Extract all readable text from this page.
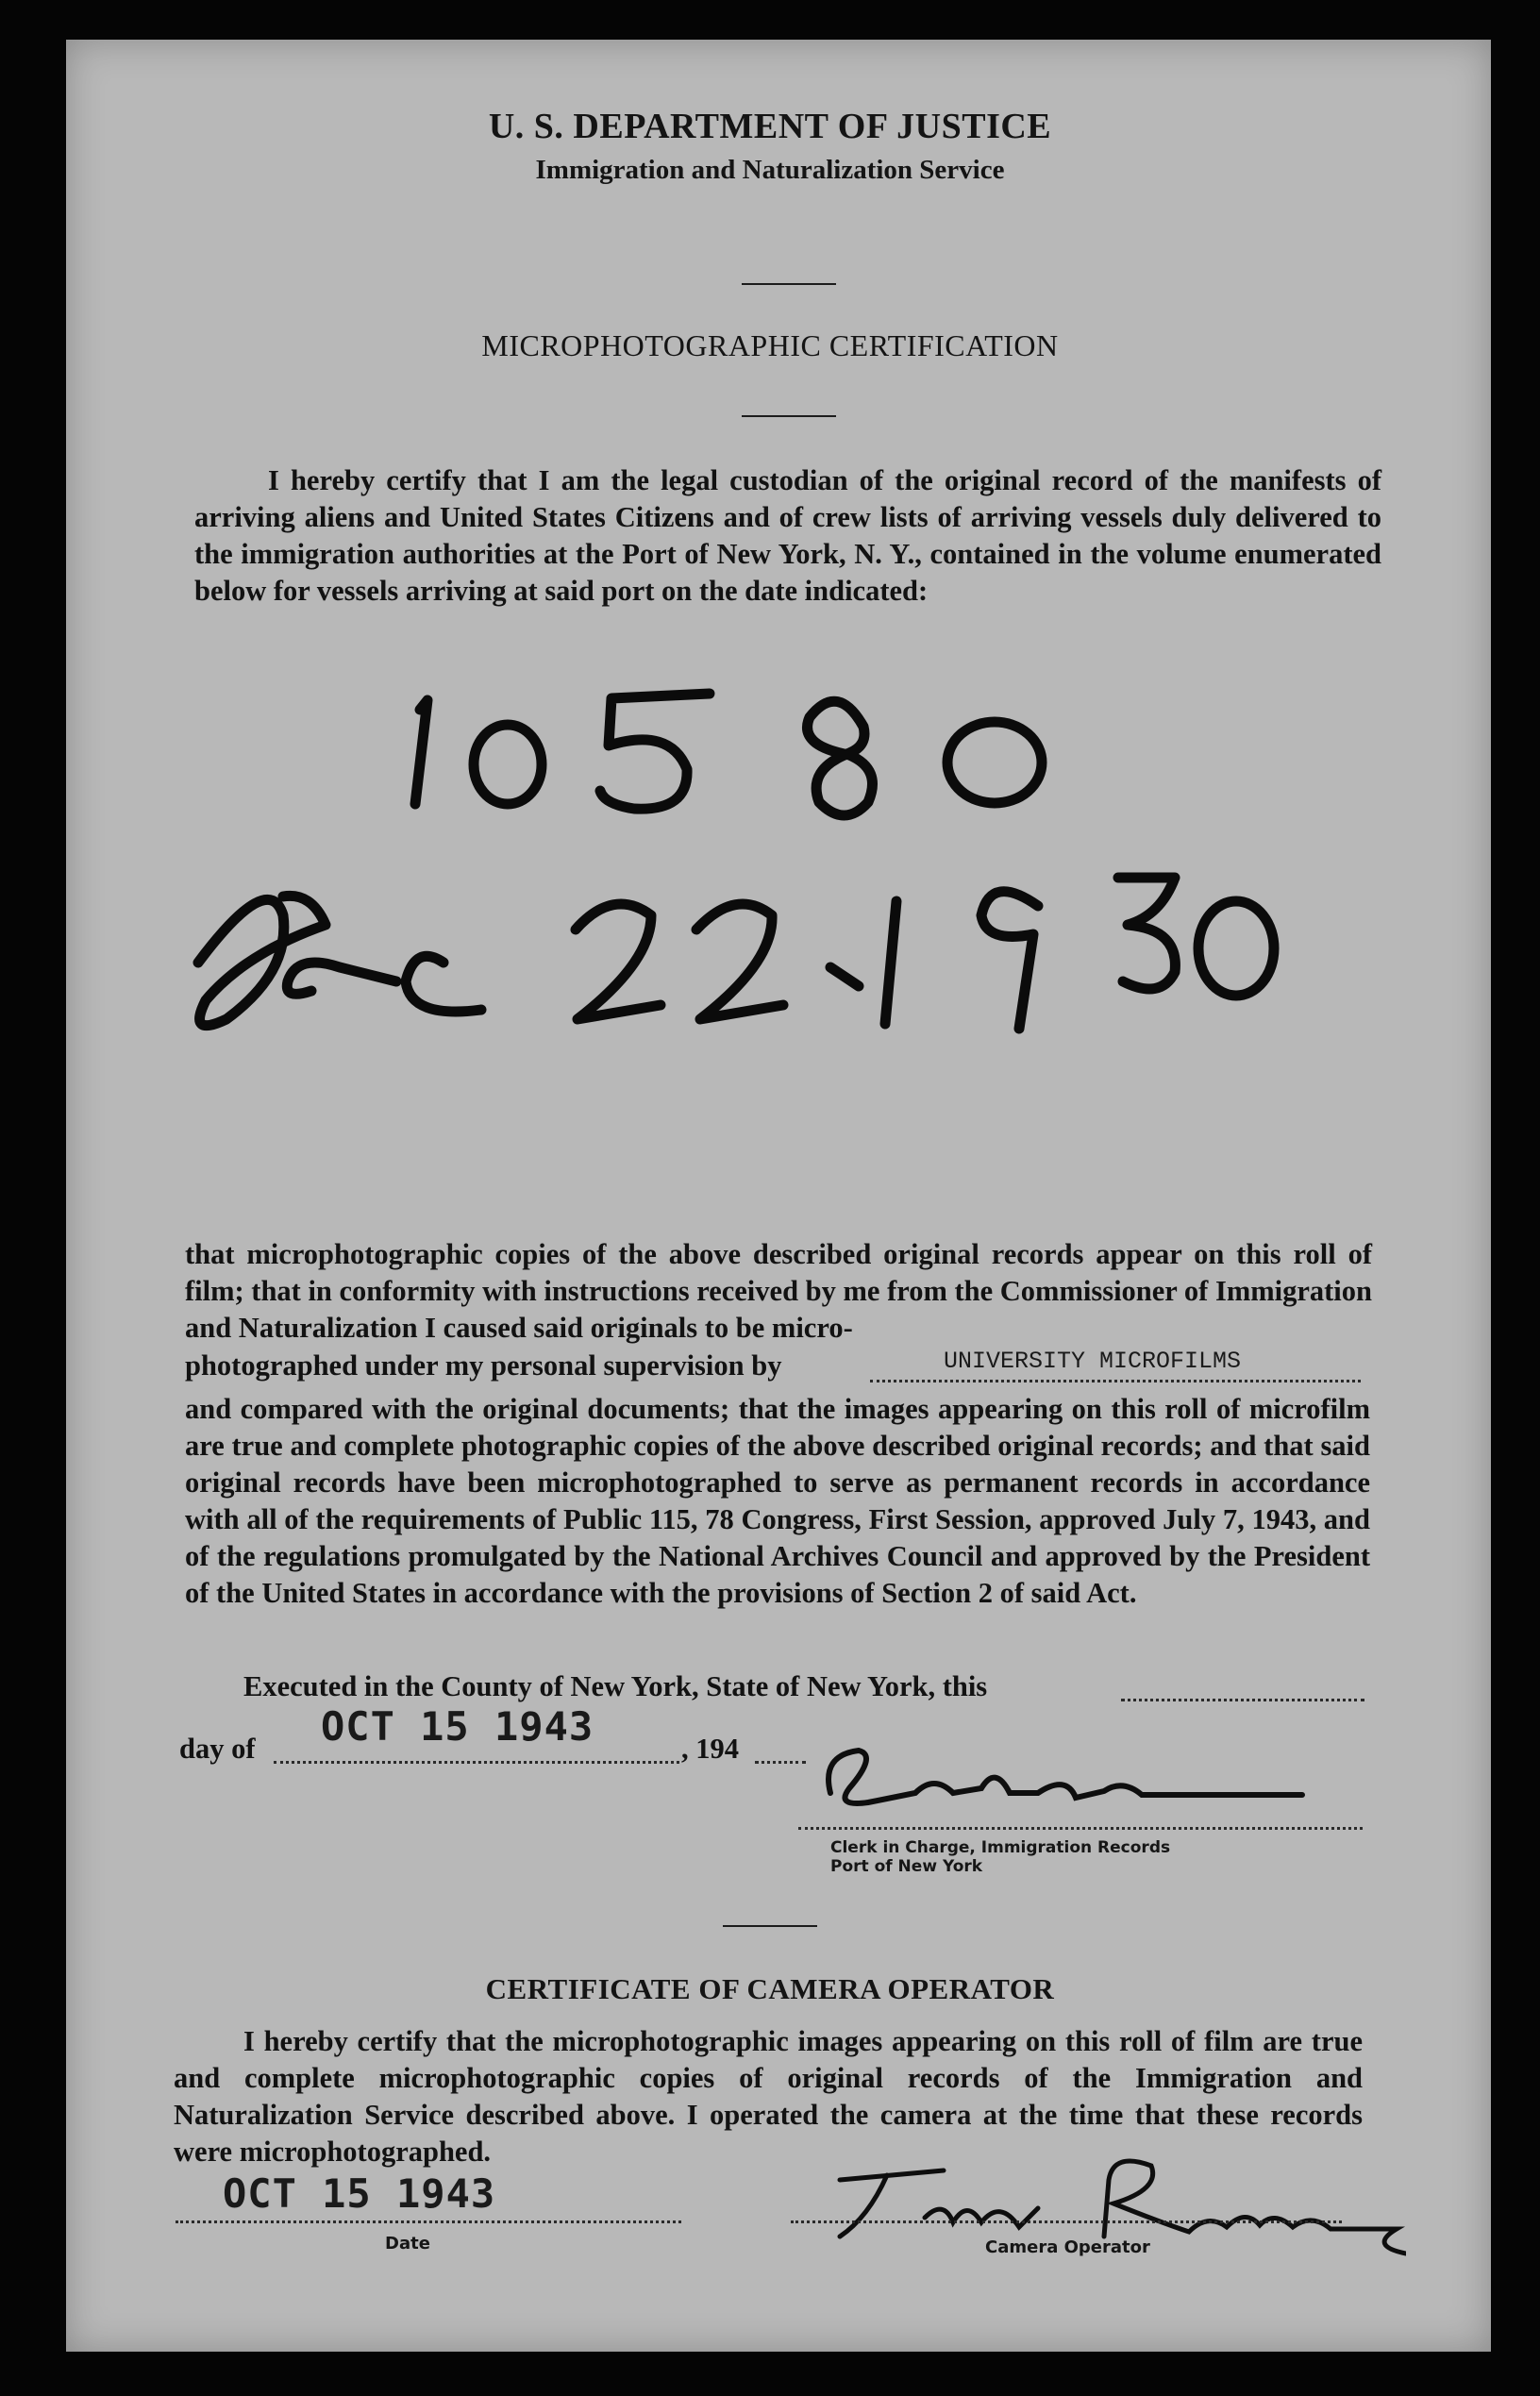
U. S. DEPARTMENT OF JUSTICE
Immigration and Naturalization Service
MICROPHOTOGRAPHIC CERTIFICATION
I hereby certify that I am the legal custodian of the original record of the manifests of arriving aliens and United States Citizens and of crew lists of arriving vessels duly delivered to the immigration authorities at the Port of New York, N. Y., contained in the volume enumerated below for vessels arriving at said port on the date indicated:
that microphotographic copies of the above described original records appear on this roll of film; that in conformity with instructions received by me from the Commissioner of Immigration and Naturalization I caused said originals to be micro-
photographed under my personal supervision by	UNIVERSITY MICROFILMS
and compared with the original documents; that the images appearing on this roll of microfilm are true and complete photographic copies of the above described original records; and that said original records have been microphotographed to serve as permanent records in accordance with all of the requirements of Public 115, 78 Congress, First Session, approved July 7, 1943, and of the regulations promulgated by the National Archives Council and approved by the President of the United States in accordance with the provisions of Section 2 of said Act.
Executed in the County of New York, State of New York, this
day of OCT 15 1943	, 194
Clerk in Charge, Immigration Records
Port of New York
CERTIFICATE OF CAMERA OPERATOR
I hereby certify that the microphotographic images appearing on this roll of film are true and complete microphotographic copies of original records of the Immigration and Naturalization Service described above. I operated the camera at the time that these records were microphotographed.
OCT 15 1943
Date	Camera Operator
